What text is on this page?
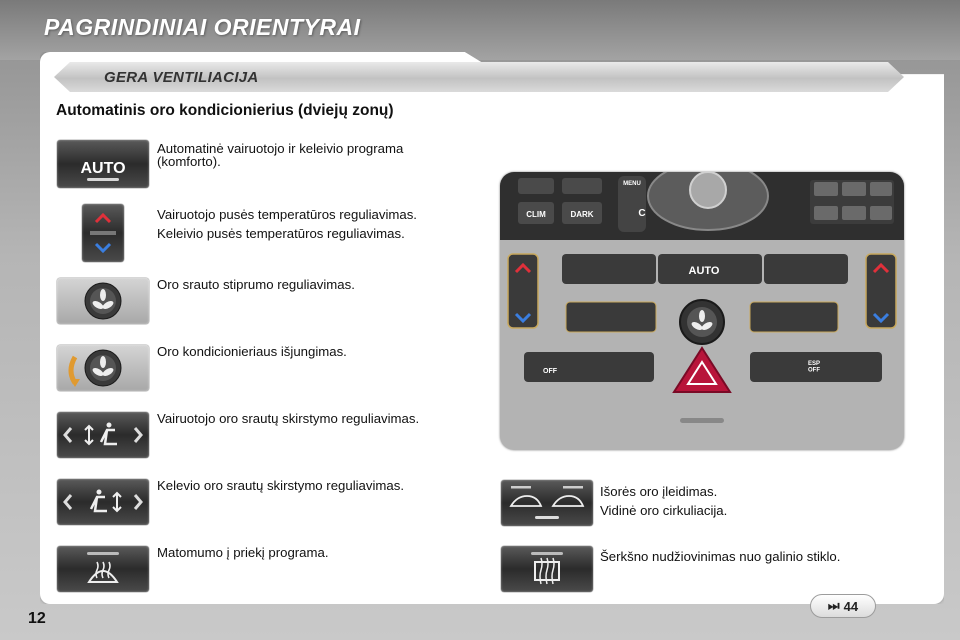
PAGRINDINIAI ORIENTYRAI
GERA VENTILIACIJA
Automatinis oro kondicionierius (dviejų zonų)
AUTO

Automatinė vairuotojo ir keleivio programa (komforto).

Vairuotojo pusės temperatūros reguliavimas.

Keleivio pusės temperatūros reguliavimas.

Oro srauto stiprumo reguliavimas.

Oro kondicionieriaus išjungimas.

Vairuotojo oro srautų skirstymo reguliavimas.

Kelevio oro srautų skirstymo reguliavimas.

Matomumo į priekį programa.

CLIM	DARK
MENU
C
AUTO
OFF
ESP OFF

Išorės oro įleidimas.

Vidinė oro cirkuliacija.

Šerkšno nudžiovinimas nuo galinio stiklo.

⏭ 44
12
